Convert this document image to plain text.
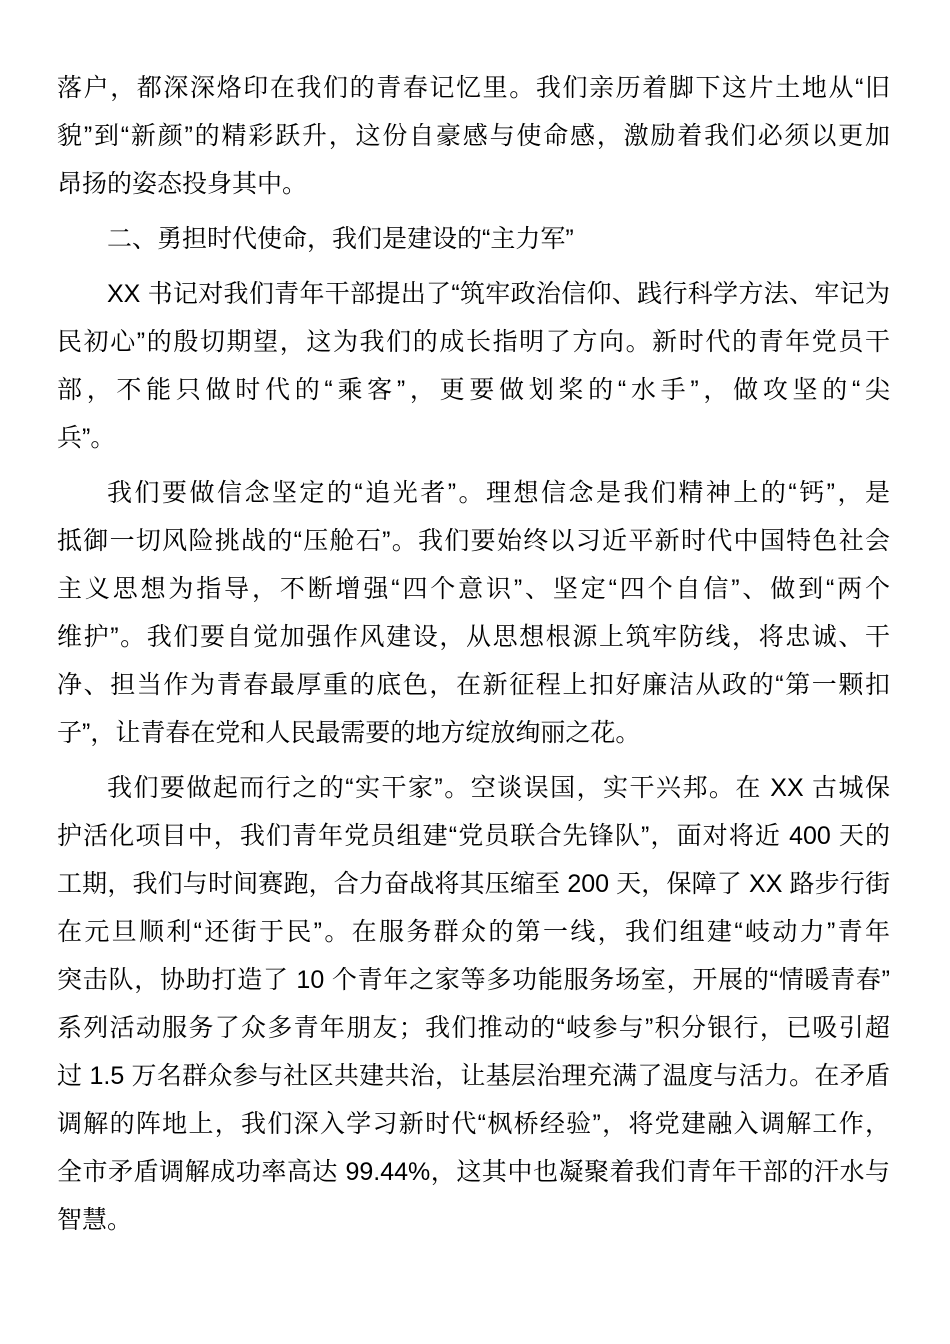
落户，都深深烙印在我们的青春记忆里。我们亲历着脚下这片土地从“旧
貌”到“新颜”的精彩跃升，这份自豪感与使命感，激励着我们必须以更加
昂扬的姿态投身其中。
二、勇担时代使命，我们是建设的“主力军”
XX 书记对我们青年干部提出了“筑牢政治信仰、践行科学方法、牢记为
民初心”的殷切期望，这为我们的成长指明了方向。新时代的青年党员干
部，不能只做时代的“乘客”，更要做划桨的“水手”，做攻坚的“尖
兵”。
我们要做信念坚定的“追光者”。理想信念是我们精神上的“钙”，是
抵御一切风险挑战的“压舱石”。我们要始终以习近平新时代中国特色社会
主义思想为指导，不断增强“四个意识”、坚定“四个自信”、做到“两个
维护”。我们要自觉加强作风建设，从思想根源上筑牢防线，将忠诚、干
净、担当作为青春最厚重的底色，在新征程上扣好廉洁从政的“第一颗扣
子”，让青春在党和人民最需要的地方绽放绚丽之花。
我们要做起而行之的“实干家”。空谈误国，实干兴邦。在 XX 古城保
护活化项目中，我们青年党员组建“党员联合先锋队”，面对将近 400 天的
工期，我们与时间赛跑，合力奋战将其压缩至 200 天，保障了 XX 路步行街
在元旦顺利“还街于民”。在服务群众的第一线，我们组建“岐动力”青年
突击队，协助打造了 10 个青年之家等多功能服务场室，开展的“情暖青春”
系列活动服务了众多青年朋友；我们推动的“岐参与”积分银行，已吸引超
过 1.5 万名群众参与社区共建共治，让基层治理充满了温度与活力。在矛盾
调解的阵地上，我们深入学习新时代“枫桥经验”，将党建融入调解工作，
全市矛盾调解成功率高达 99.44%，这其中也凝聚着我们青年干部的汗水与
智慧。
